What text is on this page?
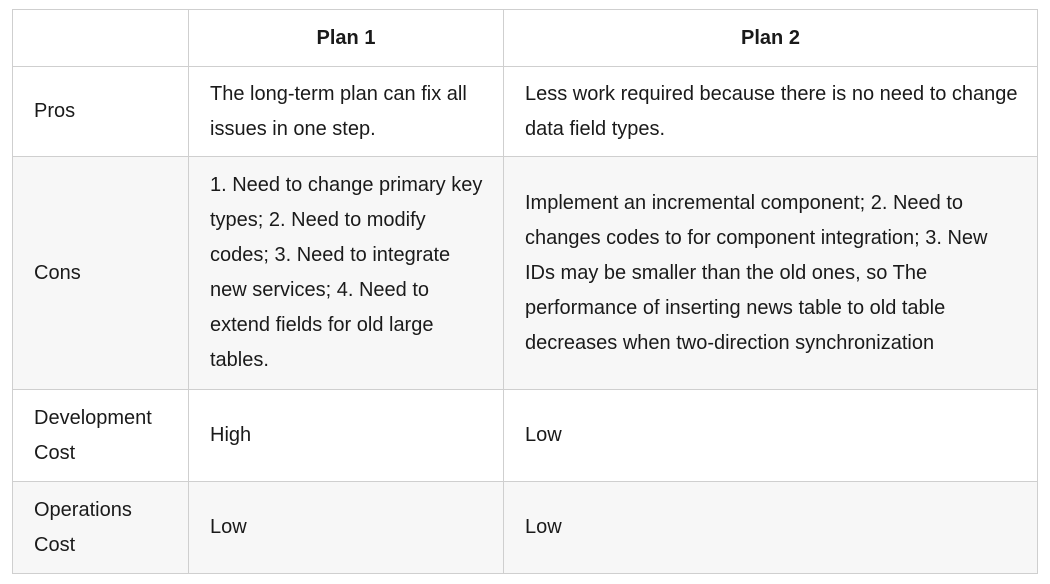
	Plan 1	Plan 2
Pros	The long-term plan can fix all issues in one step.	Less work required because there is no need to change data field types.
Cons	1. Need to change primary key types; 2. Need to modify codes; 3. Need to integrate new services; 4. Need to extend fields for old large tables.	Implement an incremental component; 2. Need to changes codes to for component integration; 3. New IDs may be smaller than the old ones, so The performance of inserting news table to old table decreases when two-direction synchronization
Development Cost	High	Low
Operations Cost	Low	Low
